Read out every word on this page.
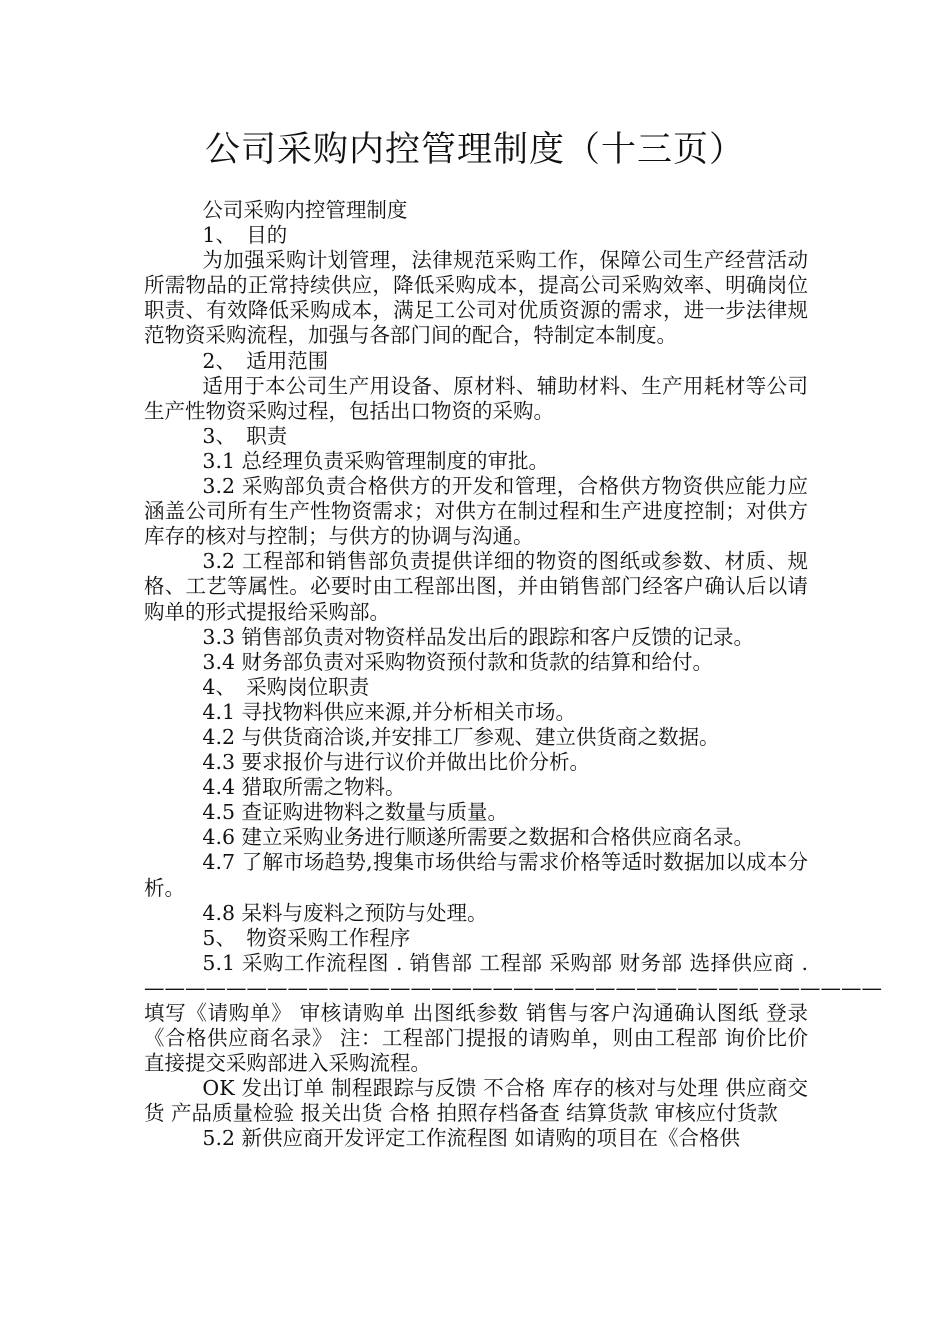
公司采购内控管理制度（十三页）

公司采购内控管理制度

1、　目的

为加强采购计划管理，法律规范采购工作，保障公司生产经营活动所需物品的正常持续供应，降低采购成本，提高公司采购效率、明确岗位职责、有效降低采购成本，满足工公司对优质资源的需求，进一步法律规范物资采购流程，加强与各部门间的配合，特制定本制度。

2、　适用范围

适用于本公司生产用设备、原材料、辅助材料、生产用耗材等公司生产性物资采购过程，包括出口物资的采购。

3、　职责

3.1 总经理负责采购管理制度的审批。

3.2 采购部负责合格供方的开发和管理，合格供方物资供应能力应涵盖公司所有生产性物资需求；对供方在制过程和生产进度控制；对供方库存的核对与控制；与供方的协调与沟通。

3.2 工程部和销售部负责提供详细的物资的图纸或参数、材质、规格、工艺等属性。必要时由工程部出图，并由销售部门经客户确认后以请购单的形式提报给采购部。

3.3 销售部负责对物资样品发出后的跟踪和客户反馈的记录。

3.4 财务部负责对采购物资预付款和货款的结算和给付。

4、　采购岗位职责

4.1 寻找物料供应来源,并分析相关市场。

4.2 与供货商洽谈,并安排工厂参观、建立供货商之数据。

4.3 要求报价与进行议价并做出比价分析。

4.4 猎取所需之物料。

4.5 查证购进物料之数量与质量。

4.6 建立采购业务进行顺遂所需要之数据和合格供应商名录。

4.7 了解市场趋势,搜集市场供给与需求价格等适时数据加以成本分析。

4.8 呆料与废料之预防与处理。

5、　物资采购工作程序

5.1 采购工作流程图 . 销售部 工程部 采购部 财务部 选择供应商 . ———————————————————————————————————— 填写《请购单》 审核请购单 出图纸参数 销售与客户沟通确认图纸 登录 《合格供应商名录》 注：工程部门提报的请购单，则由工程部 询价比价 直接提交采购部进入采购流程。

OK 发出订单 制程跟踪与反馈 不合格 库存的核对与处理 供应商交货 产品质量检验 报关出货 合格 拍照存档备查 结算货款 审核应付货款

5.2 新供应商开发评定工作流程图 如请购的项目在《合格供
